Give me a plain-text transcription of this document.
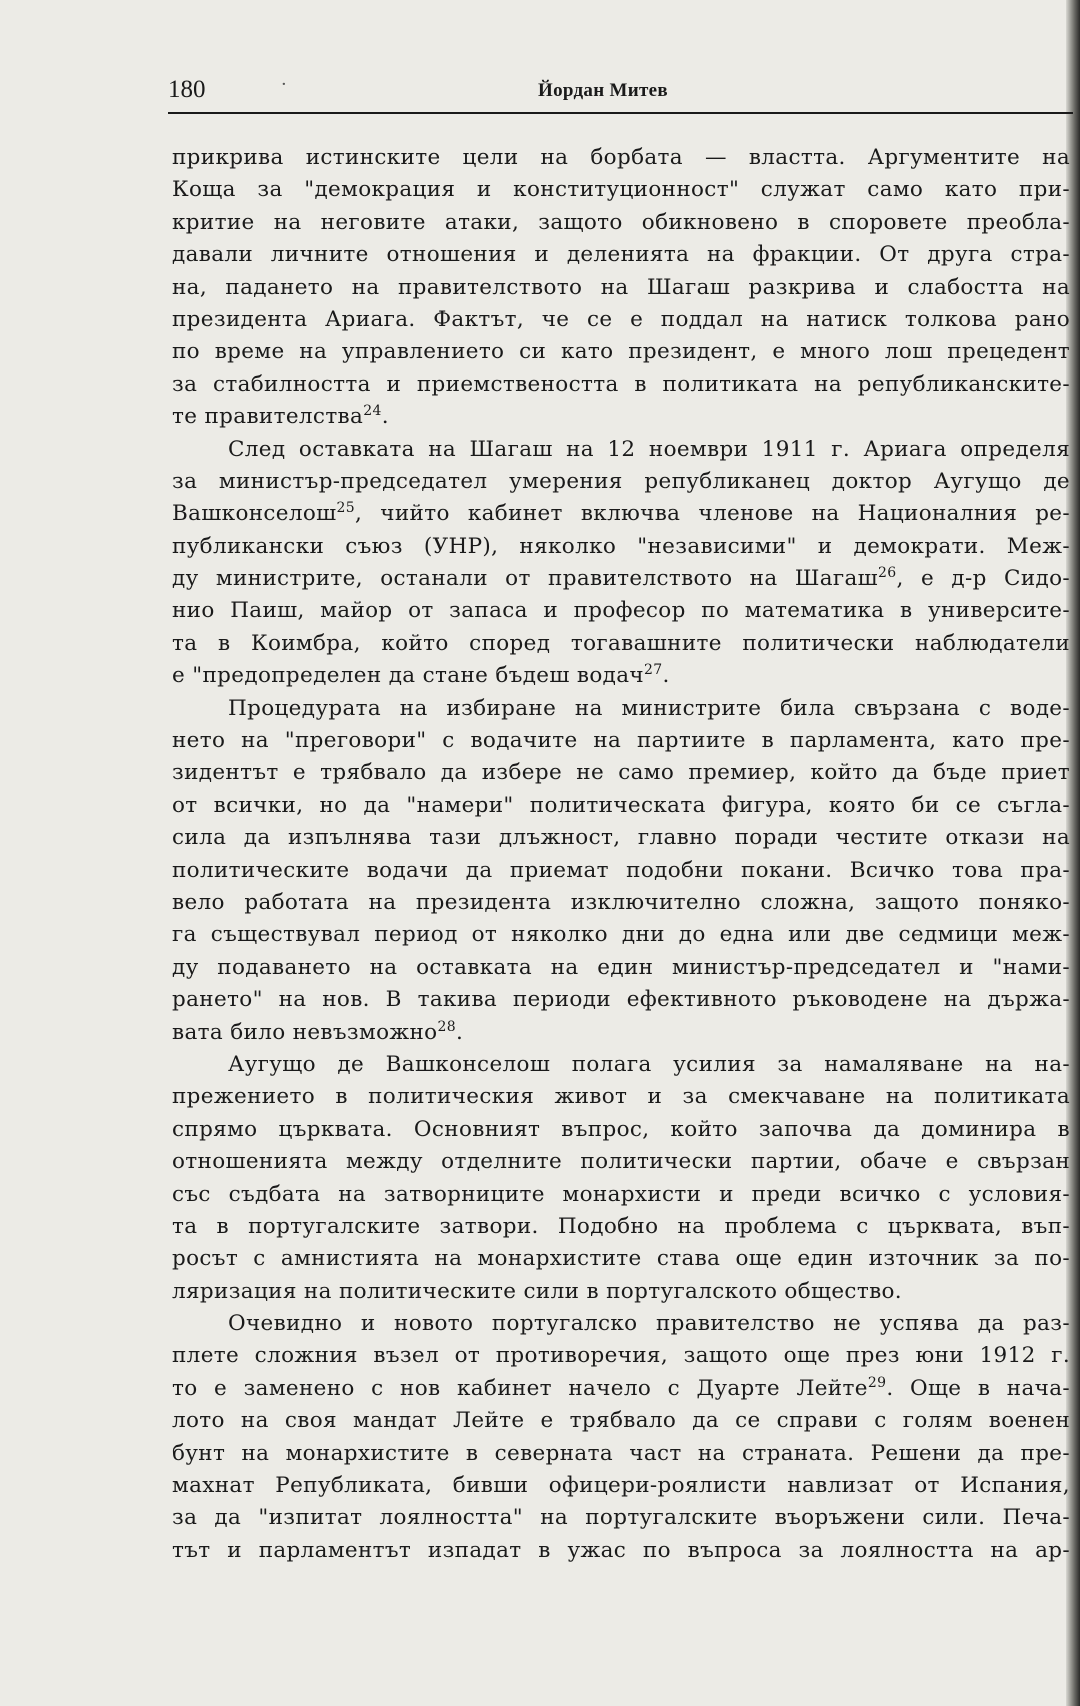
180	·	Йордан Митев
прикрива истинските цели на борбата — властта. Аргументите на
Коща за "демокрация и конституционност" служат само като при-
критие на неговите атаки, защото обикновено в споровете преобла-
давали личните отношения и деленията на фракции. От друга стра-
на, падането на правителството на Шагаш разкрива и слабостта на
президента Ариага. Фактът, че се е поддал на натиск толкова рано
по време на управлението си като президент, е много лош прецедент
за стабилността и приемствеността в политиката на републиканските-
те правителства$^{24}$.
След оставката на Шагаш на 12 ноември 1911 г. Ариага определя
за министър-председател умерения републиканец доктор Аугущо де
Вашконселош$^{25}$, чийто кабинет включва членове на Националния ре-
публикански съюз (УНР), няколко "независими" и демократи. Меж-
ду министрите, останали от правителството на Шагаш$^{26}$, е д-р Сидо-
нио Паиш, майор от запаса и професор по математика в университе-
та в Коимбра, който според тогавашните политически наблюдатели
е "предопределен да стане бъдеш водач$^{27}$.
Процедурата на избиране на министрите била свързана с воде-
нето на "преговори" с водачите на партиите в парламента, като пре-
зидентът е трябвало да избере не само премиер, който да бъде приет
от всички, но да "намери" политическата фигура, която би се съгла-
сила да изпълнява тази длъжност, главно поради честите откази на
политическите водачи да приемат подобни покани. Всичко това пра-
вело работата на президента изключително сложна, защото поняко-
га съществувал период от няколко дни до една или две седмици меж-
ду подаването на оставката на един министър-председател и "нами-
рането" на нов. В такива периоди ефективното ръководене на държа-
вата било невъзможно$^{28}$.
Аугущо де Вашконселош полага усилия за намаляване на на-
прежението в политическия живот и за смекчаване на политиката
спрямо църквата. Основният въпрос, който започва да доминира в
отношенията между отделните политически партии, обаче е свързан
със съдбата на затворниците монархисти и преди всичко с условия-
та в португалските затвори. Подобно на проблема с църквата, въп-
росът с амнистията на монархистите става още един източник за по-
ляризация на политическите сили в португалското общество.
Очевидно и новото португалско правителство не успява да раз-
плете сложния възел от противоречия, защото още през юни 1912 г.
то е заменено с нов кабинет начело с Дуарте Лейте$^{29}$. Още в нача-
лото на своя мандат Лейте е трябвало да се справи с голям военен
бунт на монархистите в северната част на страната. Решени да пре-
махнат Републиката, бивши офицери-роялисти навлизат от Испания,
за да "изпитат лоялността" на португалските въоръжени сили. Печа-
тът и парламентът изпадат в ужас по въпроса за лоялността на ар-
